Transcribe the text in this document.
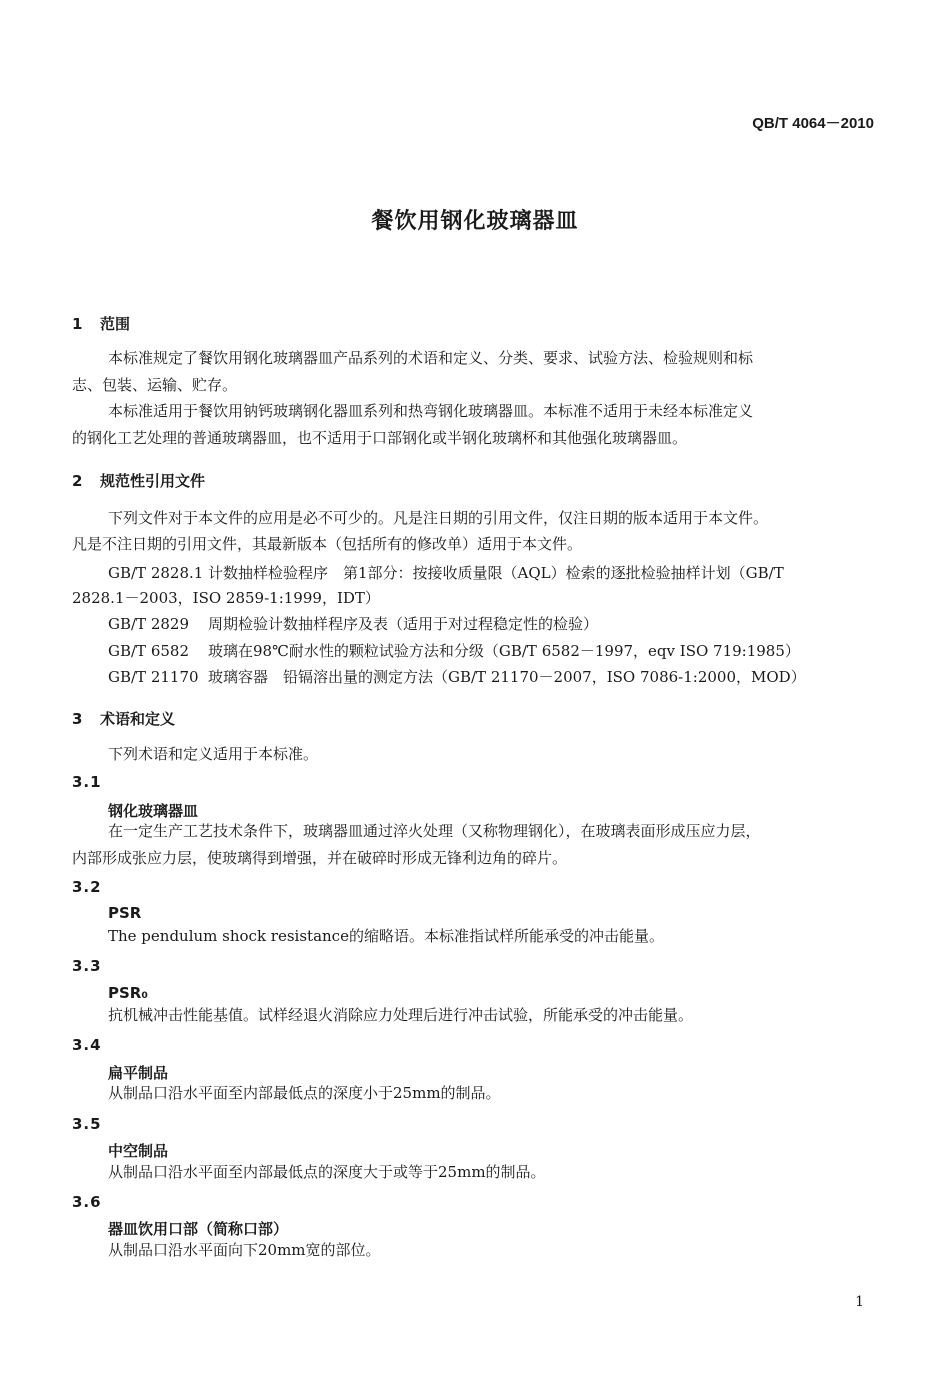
QB/T 4064－2010
餐饮用钢化玻璃器皿
1 范围
本标准规定了餐饮用钢化玻璃器皿产品系列的术语和定义、分类、要求、试验方法、检验规则和标
志、包装、运输、贮存。
本标准适用于餐饮用钠钙玻璃钢化器皿系列和热弯钢化玻璃器皿。本标准不适用于未经本标准定义
的钢化工艺处理的普通玻璃器皿，也不适用于口部钢化或半钢化玻璃杯和其他强化玻璃器皿。
2 规范性引用文件
下列文件对于本文件的应用是必不可少的。凡是注日期的引用文件，仅注日期的版本适用于本文件。
凡是不注日期的引用文件，其最新版本（包括所有的修改单）适用于本文件。
GB/T 2828.1 计数抽样检验程序　第1部分：按接收质量限（AQL）检索的逐批检验抽样计划（GB/T
2828.1－2003，ISO 2859-1:1999，IDT）
GB/T 2829 周期检验计数抽样程序及表（适用于对过程稳定性的检验）
GB/T 6582 玻璃在98℃耐水性的颗粒试验方法和分级（GB/T 6582－1997，eqv ISO 719:1985）
GB/T 21170 玻璃容器　铅镉溶出量的测定方法（GB/T 21170－2007，ISO 7086-1:2000，MOD）
3 术语和定义
下列术语和定义适用于本标准。
3.1
钢化玻璃器皿
在一定生产工艺技术条件下，玻璃器皿通过淬火处理（又称物理钢化），在玻璃表面形成压应力层，
内部形成张应力层，使玻璃得到增强，并在破碎时形成无锋利边角的碎片。
3.2
PSR
The pendulum shock resistance的缩略语。本标准指试样所能承受的冲击能量。
3.3
PSR₀
抗机械冲击性能基值。试样经退火消除应力处理后进行冲击试验，所能承受的冲击能量。
3.4
扁平制品
从制品口沿水平面至内部最低点的深度小于25mm的制品。
3.5
中空制品
从制品口沿水平面至内部最低点的深度大于或等于25mm的制品。
3.6
器皿饮用口部（简称口部）
从制品口沿水平面向下20mm宽的部位。
1
